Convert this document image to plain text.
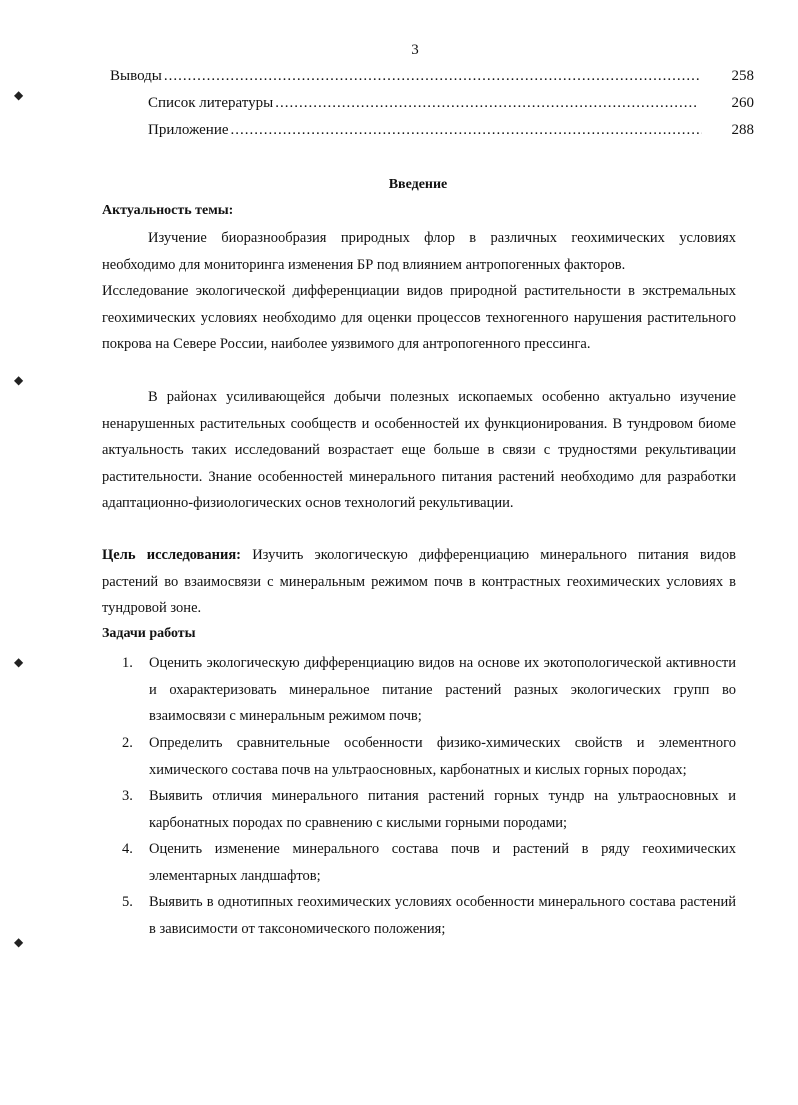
3
Выводы .....	258
Список литературы .....	260
Приложение .....	288
Введение
Актуальность темы:

Изучение биоразнообразия природных флор в различных геохимических условиях необходимо для мониторинга изменения БР под влиянием антропогенных факторов.

Исследование экологической дифференциации видов природной растительности в экстремальных геохимических условиях необходимо для оценки процессов техногенного нарушения растительного покрова на Севере России, наиболее уязвимого для антропогенного прессинга.

В районах усиливающейся добычи полезных ископаемых особенно актуально изучение ненарушенных растительных сообществ и особенностей их функционирования. В тундровом биоме актуальность таких исследований возрастает еще больше в связи с трудностями рекультивации растительности. Знание особенностей минерального питания растений необходимо для разработки адаптационно-физиологических основ технологий рекультивации.

Цель исследования: Изучить экологическую дифференциацию минерального питания видов растений во взаимосвязи с минеральным режимом почв в контрастных геохимических условиях в тундровой зоне.

Задачи работы
1.	Оценить экологическую дифференциацию видов на основе их экотопологической активности и охарактеризовать минеральное питание растений разных экологических групп во взаимосвязи с минеральным режимом почв;

2.	Определить сравнительные особенности физико-химических свойств и элементного химического состава почв на ультраосновных, карбонатных и кислых горных породах;

3.	Выявить отличия минерального питания растений горных тундр на ультраосновных и карбонатных породах по сравнению с кислыми горными породами;

4.	Оценить изменение минерального состава почв и растений в ряду геохимических элементарных ландшафтов;

5.	Выявить в однотипных геохимических условиях особенности минерального состава растений в зависимости от таксономического положения;

◆
◆
◆
◆
